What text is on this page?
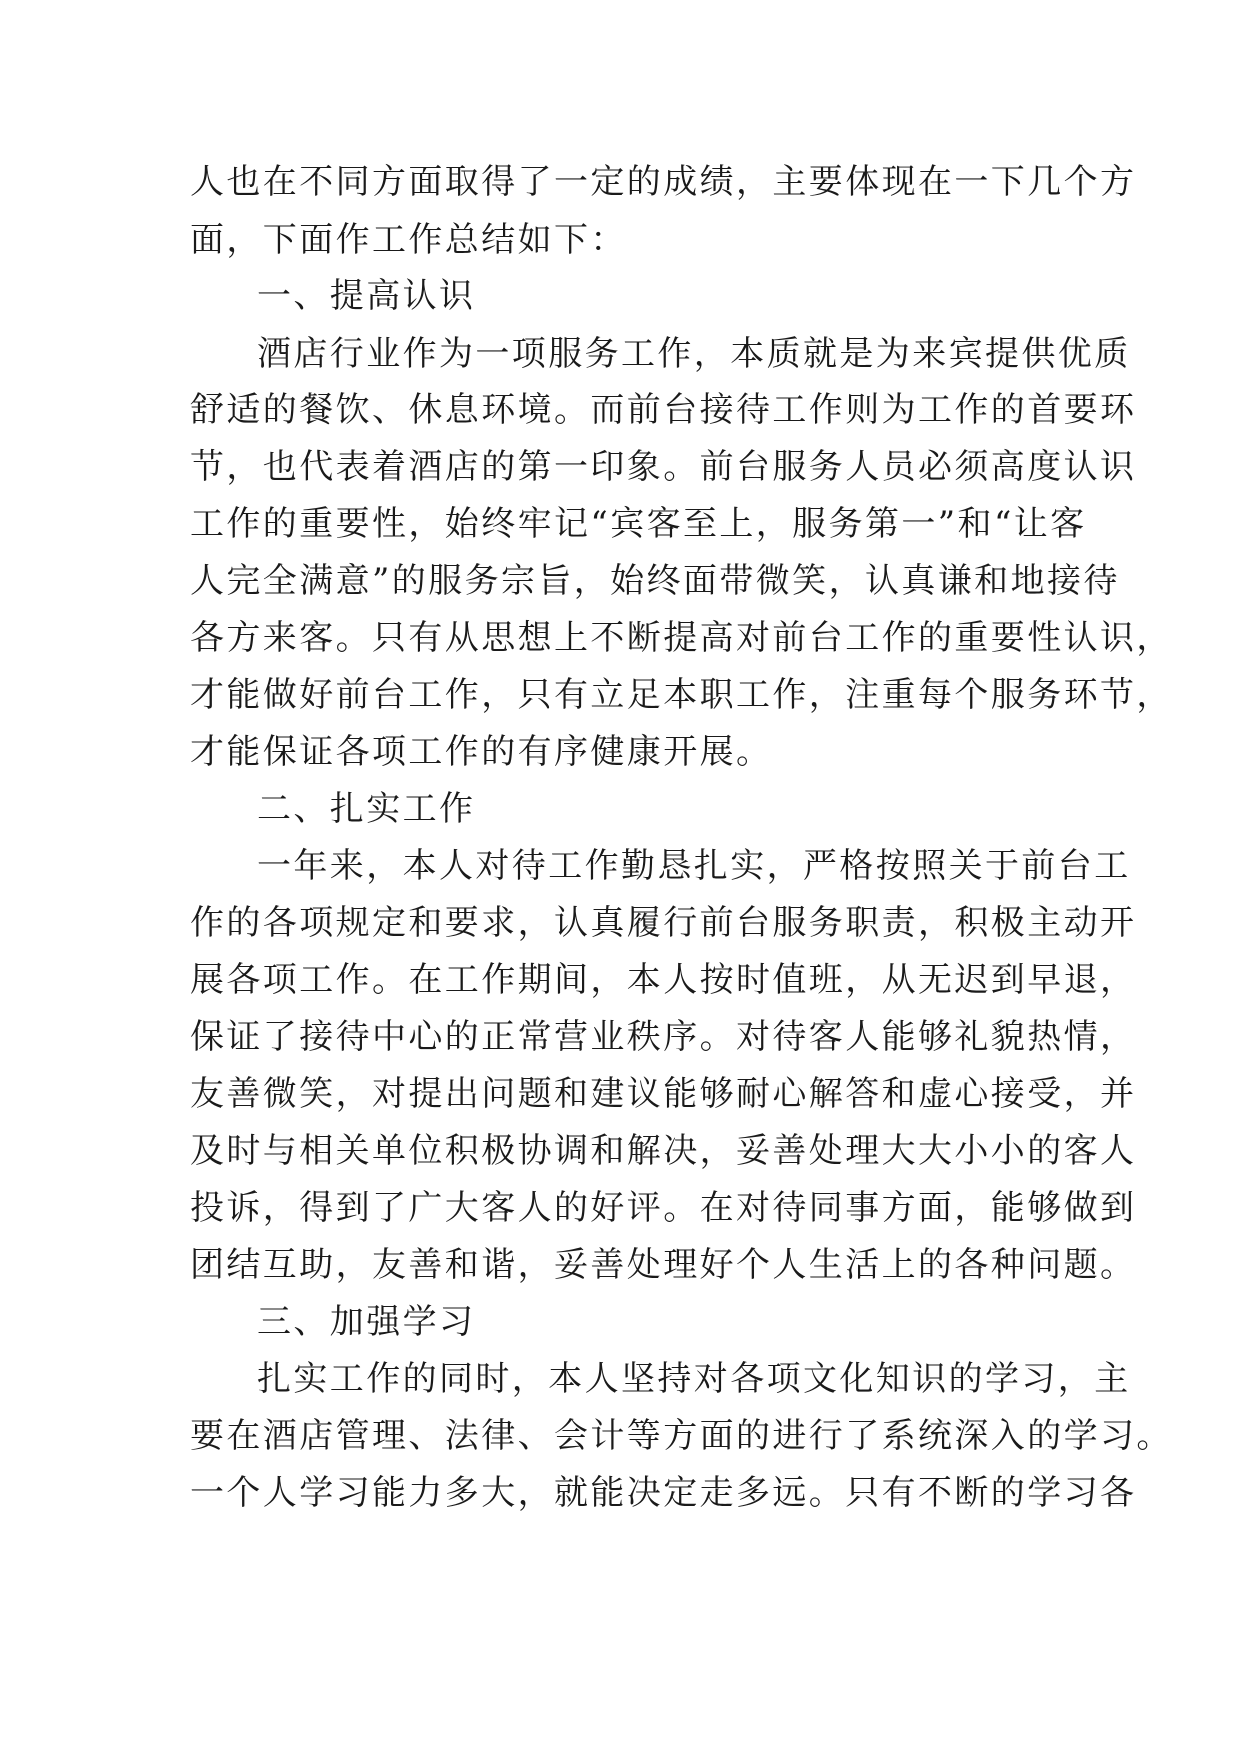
人也在不同方面取得了一定的成绩，主要体现在一下几个方
面，下面作工作总结如下：
一、提高认识
酒店行业作为一项服务工作，本质就是为来宾提供优质
舒适的餐饮、休息环境。而前台接待工作则为工作的首要环
节，也代表着酒店的第一印象。前台服务人员必须高度认识
工作的重要性，始终牢记“宾客至上，服务第一”和“让客
人完全满意”的服务宗旨，始终面带微笑，认真谦和地接待
各方来客。只有从思想上不断提高对前台工作的重要性认识，
才能做好前台工作，只有立足本职工作，注重每个服务环节，
才能保证各项工作的有序健康开展。
二、扎实工作
一年来，本人对待工作勤恳扎实，严格按照关于前台工
作的各项规定和要求，认真履行前台服务职责，积极主动开
展各项工作。在工作期间，本人按时值班，从无迟到早退，
保证了接待中心的正常营业秩序。对待客人能够礼貌热情，
友善微笑，对提出问题和建议能够耐心解答和虚心接受，并
及时与相关单位积极协调和解决，妥善处理大大小小的客人
投诉，得到了广大客人的好评。在对待同事方面，能够做到
团结互助，友善和谐，妥善处理好个人生活上的各种问题。
三、加强学习
扎实工作的同时，本人坚持对各项文化知识的学习，主
要在酒店管理、法律、会计等方面的进行了系统深入的学习。
一个人学习能力多大，就能决定走多远。只有不断的学习各
